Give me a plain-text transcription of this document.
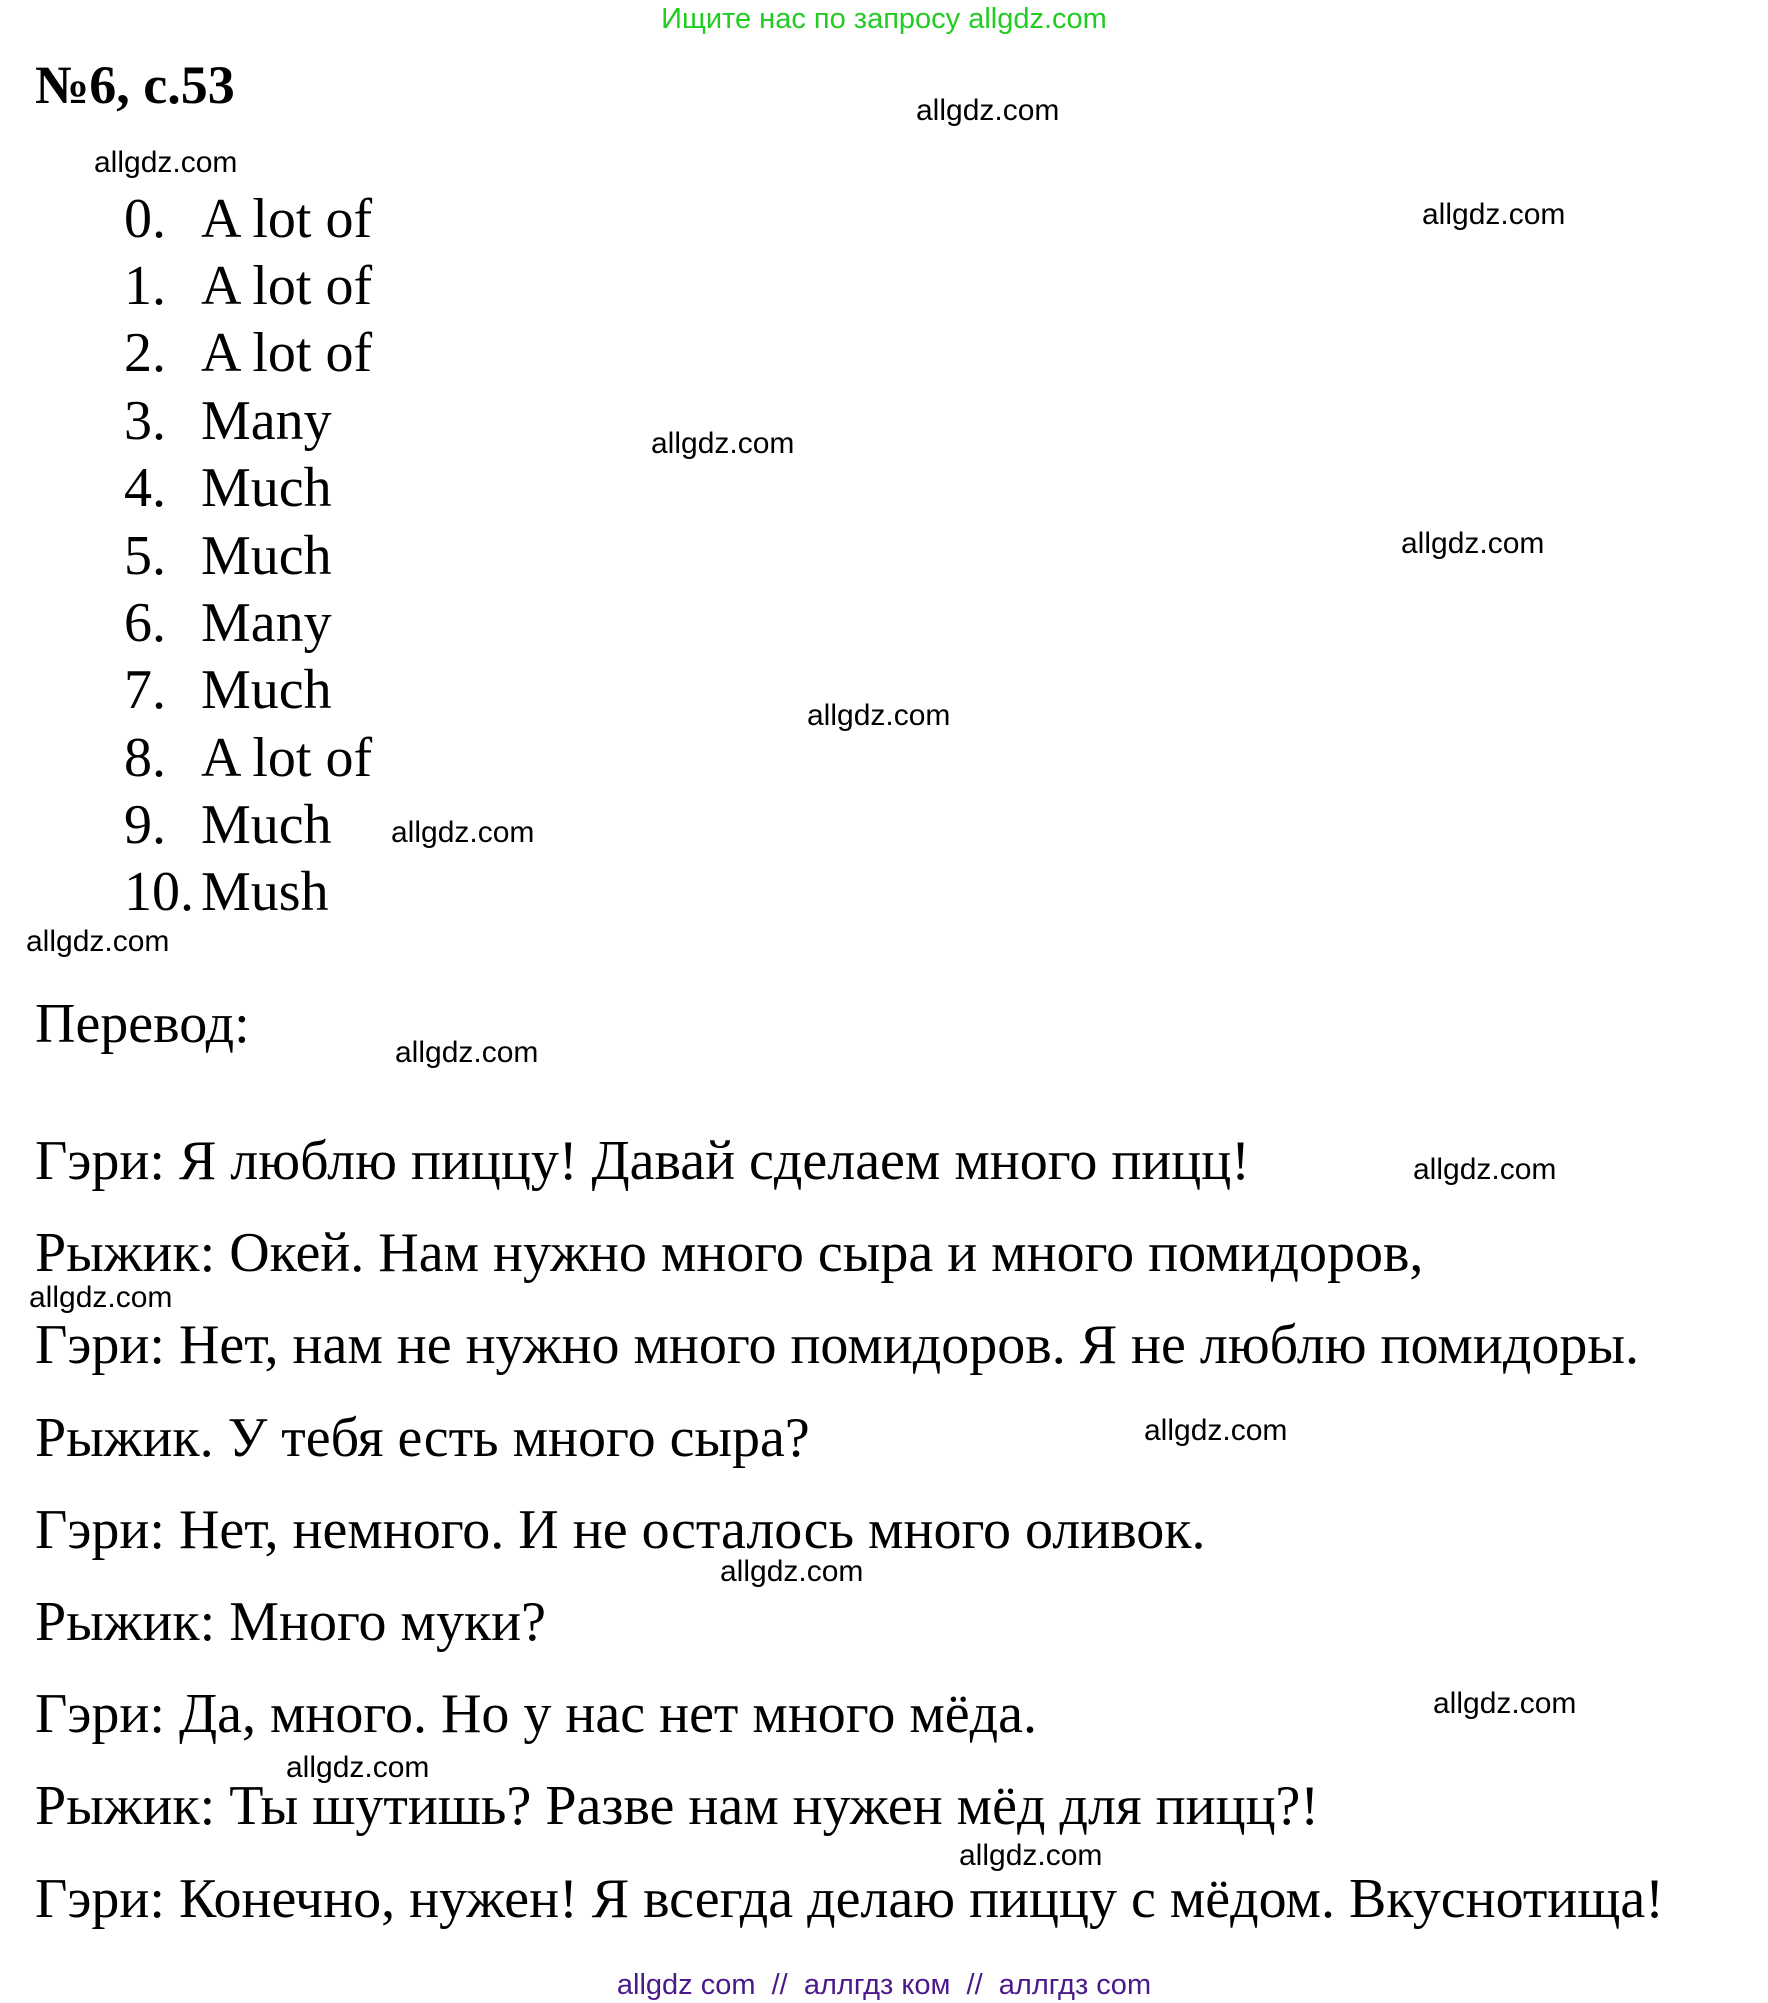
Ищите нас по запросу allgdz.com
№6, с.53
0. A lot of
1. A lot of
2. A lot of
3. Many
4. Much
5. Much
6. Many
7. Much
8. A lot of
9. Much
10. Mush
Перевод:
Гэри: Я люблю пиццу! Давай сделаем много пицц!
Рыжик: Окей. Нам нужно много сыра и много помидоров,
Гэри: Нет, нам не нужно много помидоров. Я не люблю помидоры.
Рыжик. У тебя есть много сыра?
Гэри: Нет, немного. И не осталось много оливок.
Рыжик: Много муки?
Гэри: Да, много. Но у нас нет много мёда.
Рыжик: Ты шутишь? Разве нам нужен мёд для пицц?!
Гэри: Конечно, нужен! Я всегда делаю пиццу с мёдом. Вкуснотища!
allgdz.com
allgdz.com
allgdz.com
allgdz.com
allgdz.com
allgdz.com
allgdz.com
allgdz.com
allgdz.com
allgdz.com
allgdz.com
allgdz.com
allgdz.com
allgdz.com
allgdz.com
allgdz.com
allgdz com  //  аллгдз ком  //  аллгдз com
